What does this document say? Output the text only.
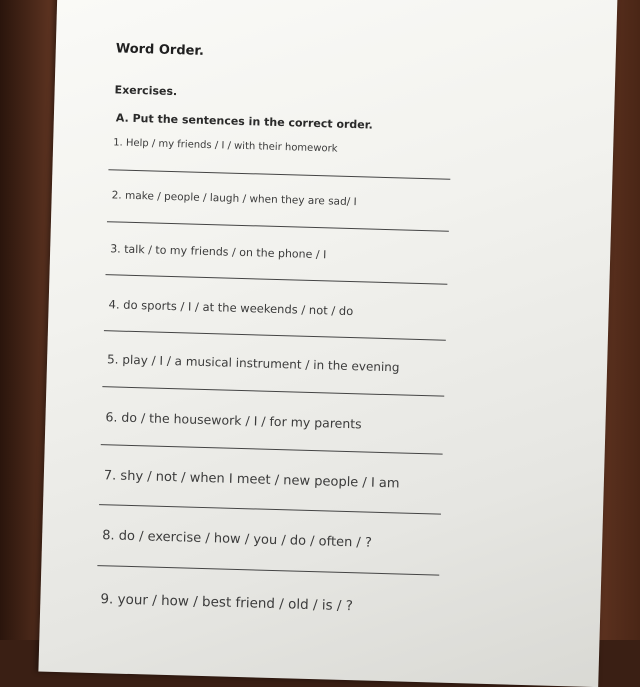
Word Order.
Exercises.
A. Put the sentences in the correct order.
1. Help / my friends / I / with their homework
2. make / people / laugh / when they are sad/ I
3. talk / to my friends / on the phone / I
4. do sports / I / at the weekends / not / do
5. play / I / a musical instrument / in the evening
6. do / the housework / I / for my parents
7. shy / not / when I meet / new people / I am
8. do / exercise / how / you / do / often / ?
9. your / how / best friend / old / is / ?
